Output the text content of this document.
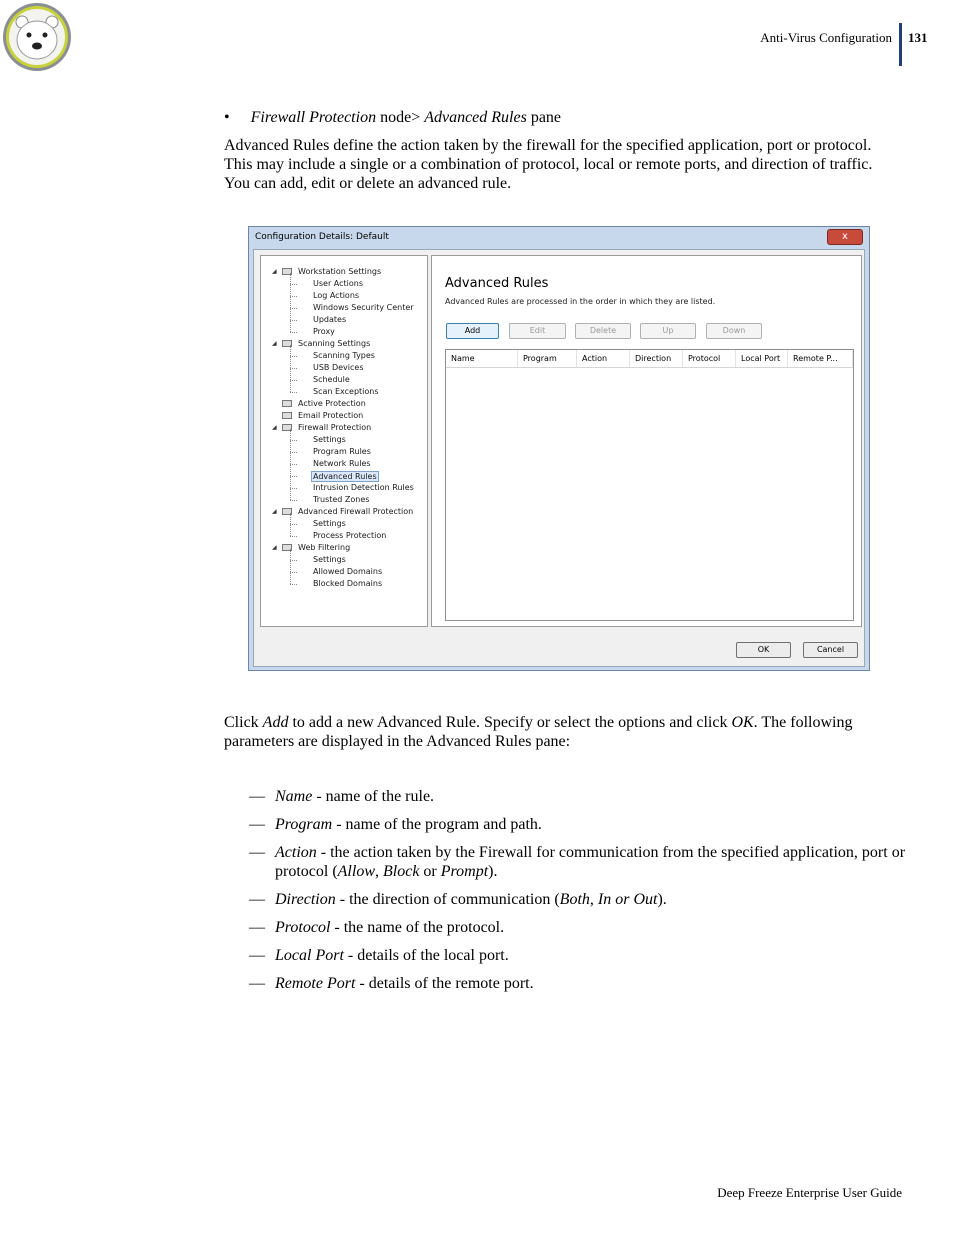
Anti-Virus Configuration 131
• Firewall Protection node> Advanced Rules pane
Advanced Rules define the action taken by the firewall for the specified application, port or protocol. This may include a single or a combination of protocol, local or remote ports, and direction of traffic. You can add, edit or delete an advanced rule.
Configuration Details: Default	x
◢	Workstation Settings
User Actions
Log Actions
Windows Security Center
Updates
Proxy
◢	Scanning Settings
Scanning Types
USB Devices
Schedule
Scan Exceptions
Active Protection
Email Protection
◢	Firewall Protection
Settings
Program Rules
Network Rules
Advanced Rules
Intrusion Detection Rules
Trusted Zones
◢	Advanced Firewall Protection
Settings
Process Protection
◢	Web Filtering
Settings
Allowed Domains
Blocked Domains
Advanced Rules
Advanced Rules are processed in the order in which they are listed.
Add	Edit	Delete	Up	Down
Name	Program	Action	Direction	Protocol	Local Port	Remote P...
OK	Cancel
Click Add to add a new Advanced Rule. Specify or select the options and click OK. The following parameters are displayed in the Advanced Rules pane:
— Name - name of the rule.
— Program - name of the program and path.
— Action - the action taken by the Firewall for communication from the specified application, port or protocol (Allow, Block or Prompt).
— Direction - the direction of communication (Both, In or Out).
— Protocol - the name of the protocol.
— Local Port - details of the local port.
— Remote Port - details of the remote port.
Deep Freeze Enterprise User Guide
